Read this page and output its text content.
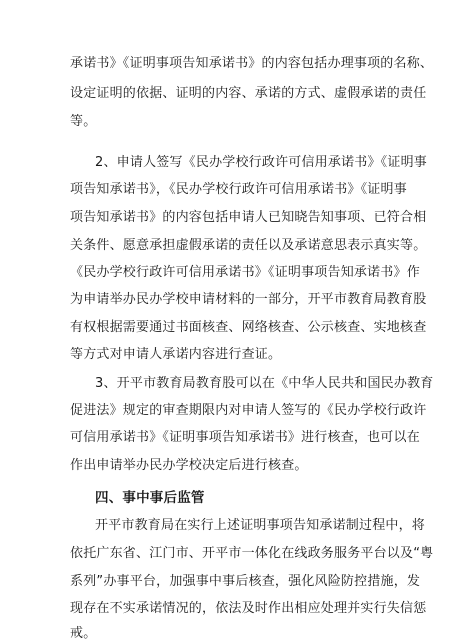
承诺书》《证明事项告知承诺书》的内容包括办理事项的名称、
设定证明的依据、证明的内容、承诺的方式、虚假承诺的责任
等。
2、申请人签写《民办学校行政许可信用承诺书》《证明事
项告知承诺书》，《民办学校行政许可信用承诺书》《证明事
项告知承诺书》的内容包括申请人已知晓告知事项、已符合相
关条件、愿意承担虚假承诺的责任以及承诺意思表示真实等。
《民办学校行政许可信用承诺书》《证明事项告知承诺书》作
为申请举办民办学校申请材料的一部分，开平市教育局教育股
有权根据需要通过书面核查、网络核查、公示核查、实地核查
等方式对申请人承诺内容进行查证。
3、开平市教育局教育股可以在《中华人民共和国民办教育
促进法》规定的审查期限内对申请人签写的《民办学校行政许
可信用承诺书》《证明事项告知承诺书》进行核查，也可以在
作出申请举办民办学校决定后进行核查。
四、事中事后监管
开平市教育局在实行上述证明事项告知承诺制过程中，将
依托广东省、江门市、开平市一体化在线政务服务平台以及“粤
系列”办事平台，加强事中事后核查，强化风险防控措施，发
现存在不实承诺情况的，依法及时作出相应处理并实行失信惩
戒。
